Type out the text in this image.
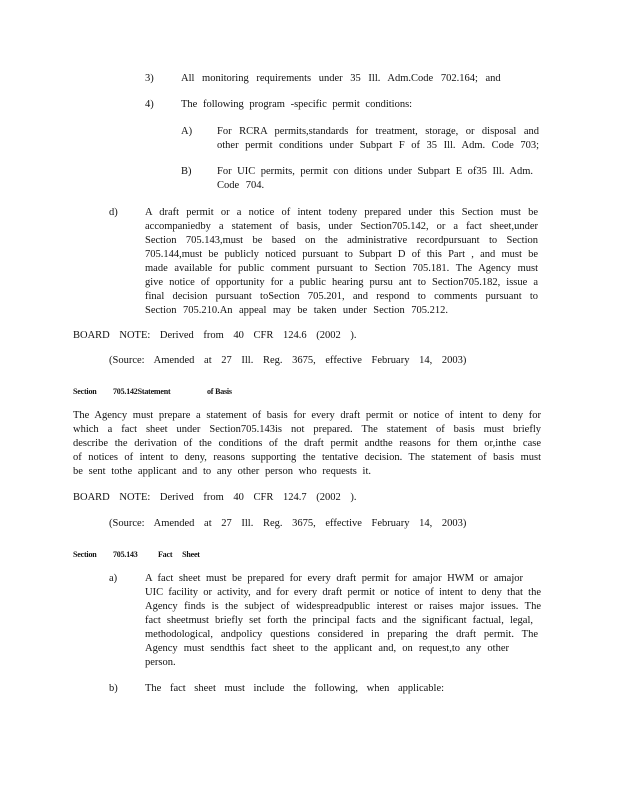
3)	All monitoring requirements under 35 Ill. Adm.Code 702.164; and
4)	The following program -specific permit conditions:
A) For RCRA permits,standards for treatment, storage, or disposal and
other permit conditions under Subpart F of 35 Ill. Adm. Code 703;
B) For UIC permits, permit con ditions under Subpart E of35 Ill. Adm.
Code 704.
d)	A draft permit or a notice of intent todeny prepared under this Section must be
accompaniedby a statement of basis, under Section705.142, or a fact sheet,under
Section 705.143,must be based on the administrative recordpursuant to Section
705.144,must be publicly noticed pursuant to Subpart D of this Part , and must be
made available for public comment pursuant to Section 705.181. The Agency must
give notice of opportunity for a public hearing pursu ant to Section705.182, issue a
final decision pursuant toSection 705.201, and respond to comments pursuant to
Section 705.210.An appeal may be taken under Section 705.212.
BOARD NOTE: Derived from 40 CFR 124.6 (2002 ).
(Source: Amended at 27 Ill. Reg. 3675, effective February 14, 2003)
Section 705.142Statement	of Basis
The Agency must prepare a statement of basis for every draft permit or notice of intent to deny for
which a fact sheet under Section705.143is not prepared. The statement of basis must briefly
describe the derivation of the conditions of the draft permit andthe reasons for them or,inthe case
of notices of intent to deny, reasons supporting the tentative decision. The statement of basis must
be sent tothe applicant and to any other person who requests it.
BOARD NOTE: Derived from 40 CFR 124.7 (2002 ).
(Source: Amended at 27 Ill. Reg. 3675, effective February 14, 2003)
Section 705.143	Fact Sheet
a)	A fact sheet must be prepared for every draft permit for amajor HWM or amajor
UIC facility or activity, and for every draft permit or notice of intent to deny that the
Agency finds is the subject of widespreadpublic interest or raises major issues. The
fact sheetmust briefly set forth the principal facts and the significant factual, legal,
methodological, andpolicy questions considered in preparing the draft permit. The
Agency must sendthis fact sheet to the applicant and, on request,to any other
person.
b)	The fact sheet must include the following, when applicable:
